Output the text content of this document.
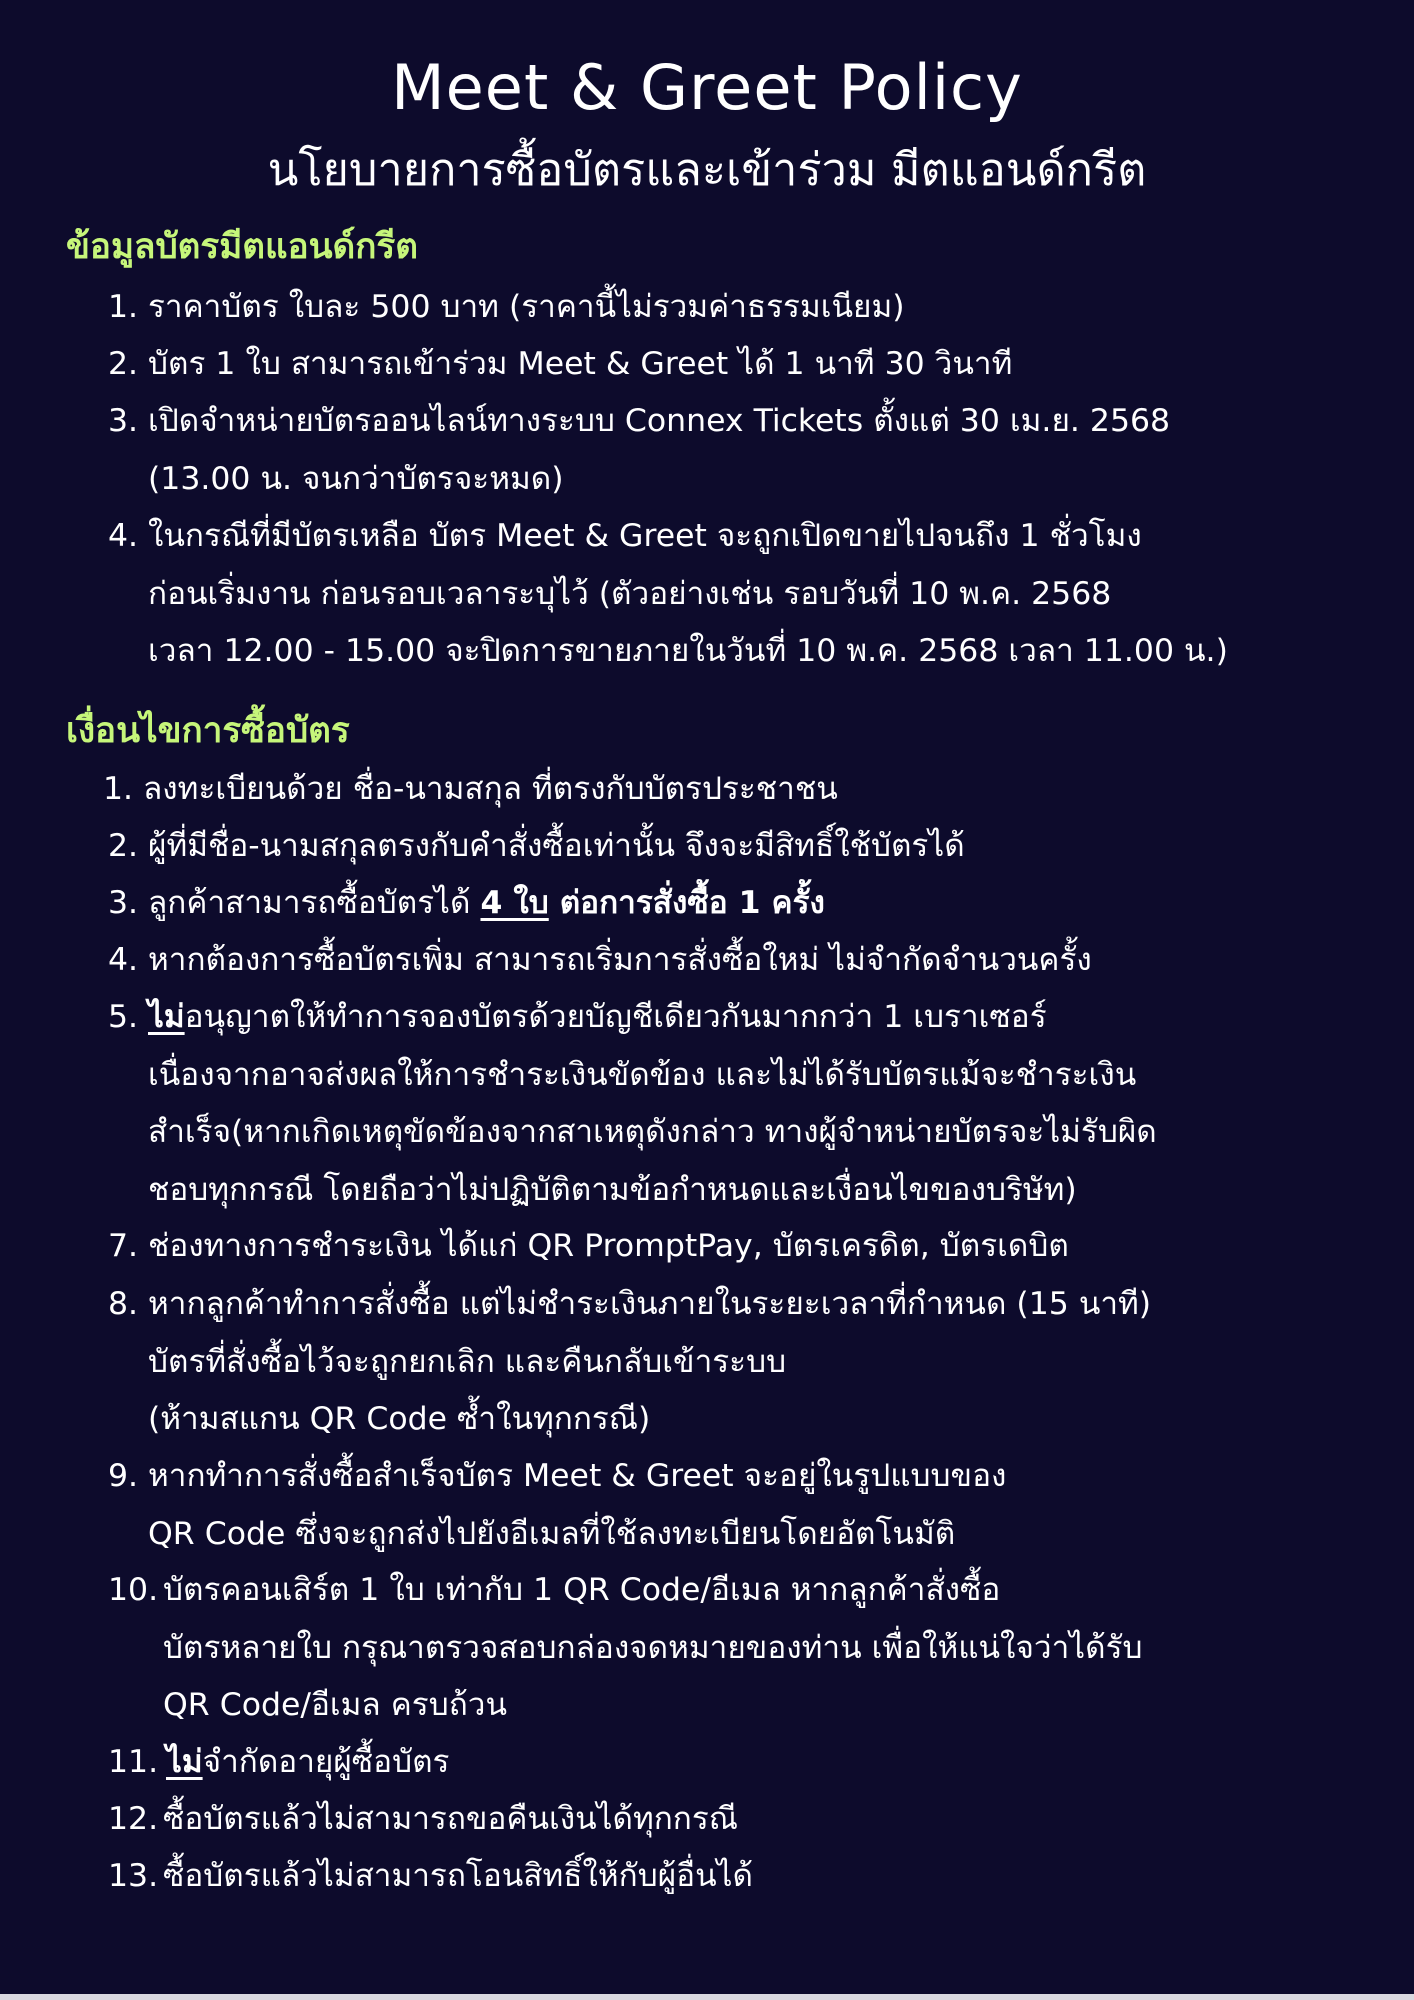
Meet & Greet Policy
นโยบายการซื้อบัตรและเข้าร่วม มีตแอนด์กรีต
ข้อมูลบัตรมีตแอนด์กรีต
1. ราคาบัตร ใบละ 500 บาท (ราคานี้ไม่รวมค่าธรรมเนียม)
2. บัตร 1 ใบ สามารถเข้าร่วม Meet & Greet ได้ 1 นาที 30 วินาที
3. เปิดจำหน่ายบัตรออนไลน์ทางระบบ Connex Tickets ตั้งแต่ 30 เม.ย. 2568
(13.00 น. จนกว่าบัตรจะหมด)
4. ในกรณีที่มีบัตรเหลือ บัตร Meet & Greet จะถูกเปิดขายไปจนถึง 1 ชั่วโมง
ก่อนเริ่มงาน ก่อนรอบเวลาระบุไว้ (ตัวอย่างเช่น รอบวันที่ 10 พ.ค. 2568
เวลา 12.00 - 15.00 จะปิดการขายภายในวันที่ 10 พ.ค. 2568 เวลา 11.00 น.)
เงื่อนไขการซื้อบัตร
1. ลงทะเบียนด้วย ชื่อ-นามสกุล ที่ตรงกับบัตรประชาชน
2. ผู้ที่มีชื่อ-นามสกุลตรงกับคำสั่งซื้อเท่านั้น จึงจะมีสิทธิ์ใช้บัตรได้
3. ลูกค้าสามารถซื้อบัตรได้ 4 ใบ ต่อการสั่งซื้อ 1 ครั้ง
4. หากต้องการซื้อบัตรเพิ่ม สามารถเริ่มการสั่งซื้อใหม่ ไม่จำกัดจำนวนครั้ง
5. ไม่อนุญาตให้ทำการจองบัตรด้วยบัญชีเดียวกันมากกว่า 1 เบราเซอร์
เนื่องจากอาจส่งผลให้การชำระเงินขัดข้อง และไม่ได้รับบัตรแม้จะชำระเงิน
สำเร็จ(หากเกิดเหตุขัดข้องจากสาเหตุดังกล่าว ทางผู้จำหน่ายบัตรจะไม่รับผิด
ชอบทุกกรณี โดยถือว่าไม่ปฏิบัติตามข้อกำหนดและเงื่อนไขของบริษัท)
7. ช่องทางการชำระเงิน ได้แก่ QR PromptPay, บัตรเครดิต, บัตรเดบิต
8. หากลูกค้าทำการสั่งซื้อ แต่ไม่ชำระเงินภายในระยะเวลาที่กำหนด (15 นาที)
บัตรที่สั่งซื้อไว้จะถูกยกเลิก และคืนกลับเข้าระบบ
(ห้ามสแกน QR Code ซ้ำในทุกกรณี)
9. หากทำการสั่งซื้อสำเร็จบัตร Meet & Greet จะอยู่ในรูปแบบของ
QR Code ซึ่งจะถูกส่งไปยังอีเมลที่ใช้ลงทะเบียนโดยอัตโนมัติ
10. บัตรคอนเสิร์ต 1 ใบ เท่ากับ 1 QR Code/อีเมล หากลูกค้าสั่งซื้อ
บัตรหลายใบ กรุณาตรวจสอบกล่องจดหมายของท่าน เพื่อให้แน่ใจว่าได้รับ
QR Code/อีเมล ครบถ้วน
11. ไม่จำกัดอายุผู้ซื้อบัตร
12. ซื้อบัตรแล้วไม่สามารถขอคืนเงินได้ทุกกรณี
13. ซื้อบัตรแล้วไม่สามารถโอนสิทธิ์ให้กับผู้อื่นได้
